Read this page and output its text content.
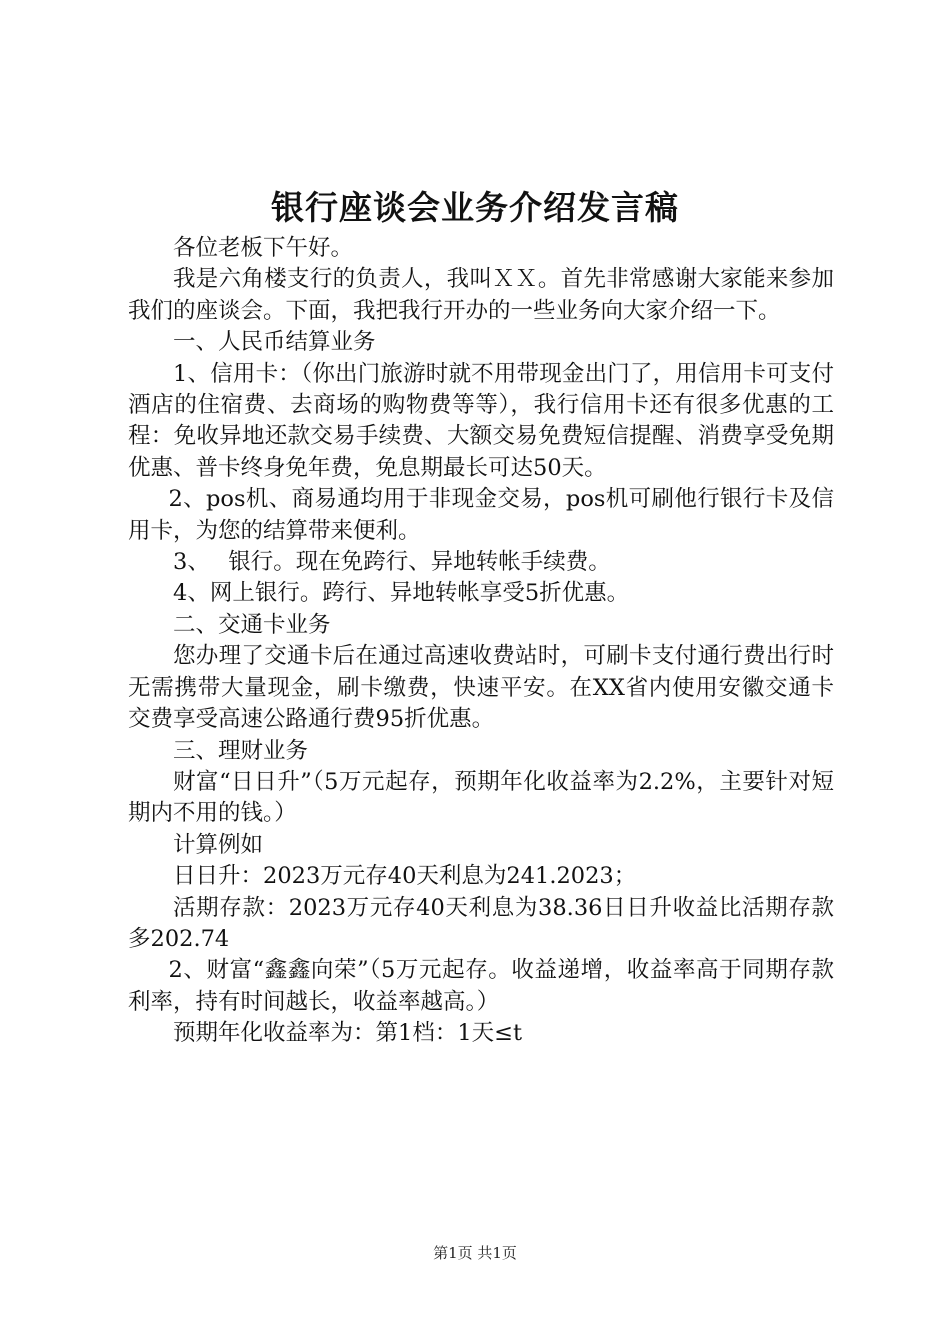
银行座谈会业务介绍发言稿

各位老板下午好。

我是六角楼支行的负责人，我叫ＸＸ。首先非常感谢大家能来参加我们的座谈会。下面，我把我行开办的一些业务向大家介绍一下。

一、人民币结算业务

1、信用卡：（你出门旅游时就不用带现金出门了，用信用卡可支付酒店的住宿费、去商场的购物费等等），我行信用卡还有很多优惠的工程：免收异地还款交易手续费、大额交易免费短信提醒、消费享受免期优惠、普卡终身免年费，免息期最长可达50天。

2、pos机、商易通均用于非现金交易，pos机可刷他行银行卡及信用卡，为您的结算带来便利。

3、　 银行。现在免跨行、异地转帐手续费。

4、网上银行。跨行、异地转帐享受5折优惠。

二、交通卡业务

您办理了交通卡后在通过高速收费站时，可刷卡支付通行费出行时无需携带大量现金，刷卡缴费，快速平安。在XX省内使用安徽交通卡交费享受高速公路通行费95折优惠。

三、理财业务

财富“日日升”（5万元起存，预期年化收益率为2.2%，主要针对短期内不用的钱。）

计算例如

日日升：2023万元存40天利息为241.2023；

活期存款：2023万元存40天利息为38.36日日升收益比活期存款多202.74

2、财富“鑫鑫向荣”（5万元起存。收益递增，收益率高于同期存款利率，持有时间越长，收益率越高。）

预期年化收益率为：第1档：1天≤t

第1页 共1页
